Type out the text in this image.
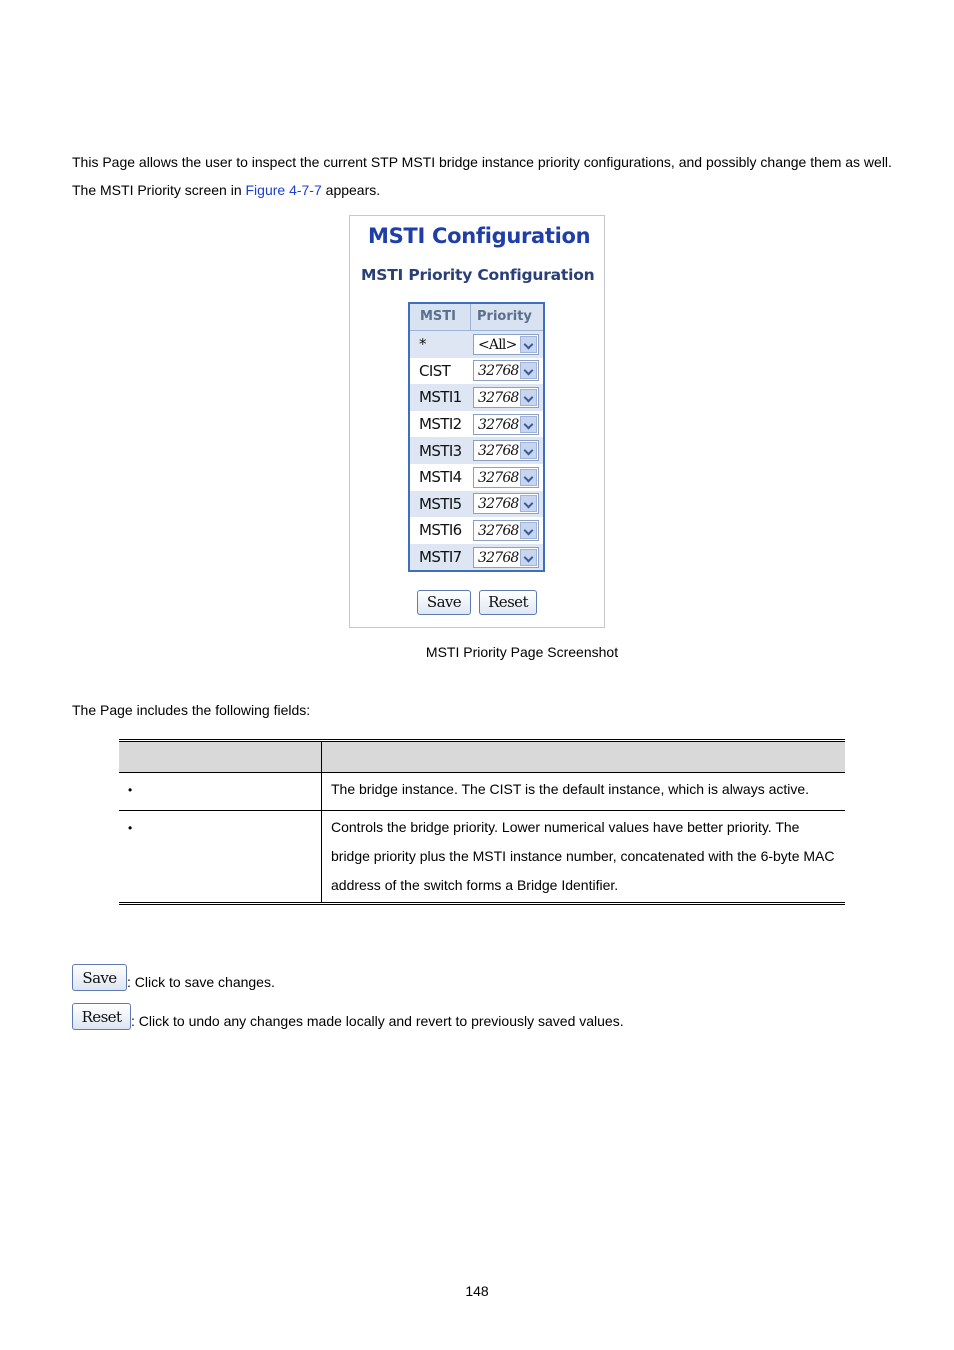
This Page allows the user to inspect the current STP MSTI bridge instance priority configurations, and possibly change them as well. The MSTI Priority screen in Figure 4-7-7 appears.

MSTI Configuration
MSTI Priority Configuration
MSTI	Priority
*	<All>
CIST	32768
MSTI1	32768
MSTI2	32768
MSTI3	32768
MSTI4	32768
MSTI5	32768
MSTI6	32768
MSTI7	32768
Save	Reset
MSTI Priority Page Screenshot

The Page includes the following fields:

•	The bridge instance. The CIST is the default instance, which is always active.
•	Controls the bridge priority. Lower numerical values have better priority. The bridge priority plus the MSTI instance number, concatenated with the 6-byte MAC address of the switch forms a Bridge Identifier.
Save : Click to save changes.
Reset : Click to undo any changes made locally and revert to previously saved values.
148
